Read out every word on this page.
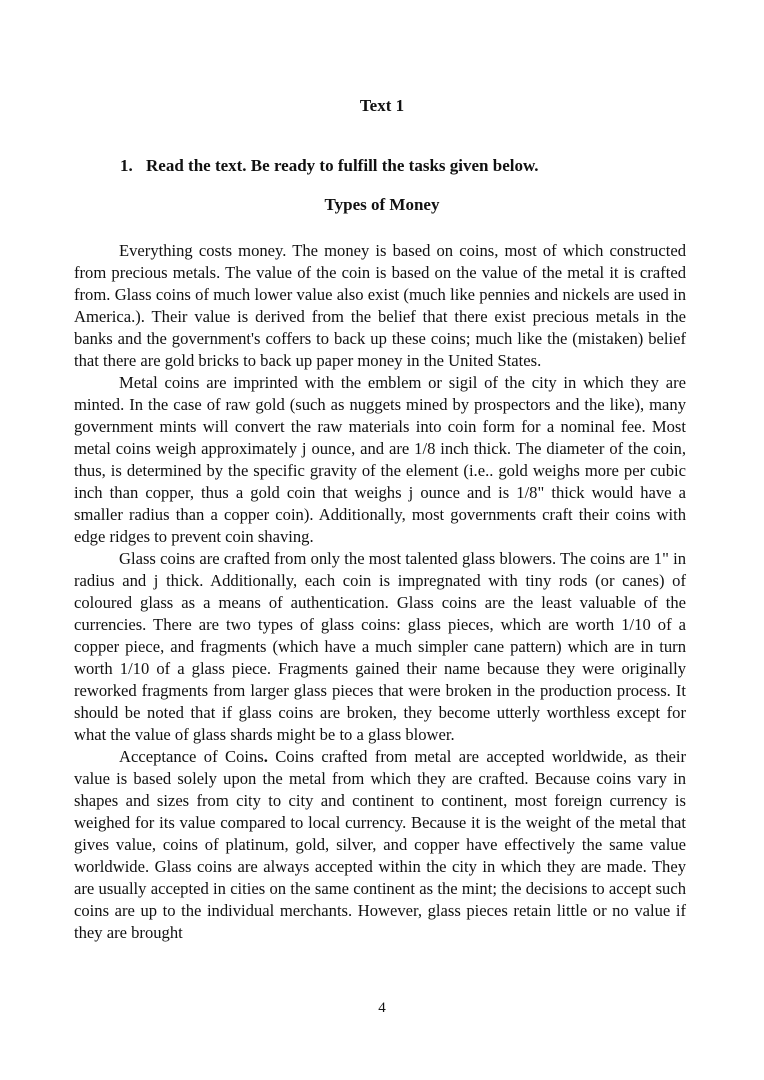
Text 1

1. Read the text. Be ready to fulfill the tasks given below.

Types of Money

Everything costs money. The money is based on coins, most of which constructed from precious metals. The value of the coin is based on the value of the metal it is crafted from. Glass coins of much lower value also exist (much like pennies and nickels are used in America.). Their value is derived from the belief that there exist precious metals in the banks and the government's coffers to back up these coins; much like the (mistaken) belief that there are gold bricks to back up paper money in the United States.

Metal coins are imprinted with the emblem or sigil of the city in which they are minted. In the case of raw gold (such as nuggets mined by prospectors and the like), many government mints will convert the raw materials into coin form for a nominal fee. Most metal coins weigh approximately j ounce, and are 1/8 inch thick. The diameter of the coin, thus, is determined by the specific gravity of the element (i.e.. gold weighs more per cubic inch than copper, thus a gold coin that weighs j ounce and is 1/8" thick would have a smaller radius than a copper coin). Additionally, most governments craft their coins with edge ridges to prevent coin shaving.

Glass coins are crafted from only the most talented glass blowers. The coins are 1" in radius and j thick. Additionally, each coin is impregnated with tiny rods (or canes) of coloured glass as a means of authentication. Glass coins are the least valuable of the currencies. There are two types of glass coins: glass pieces, which are worth 1/10 of a copper piece, and fragments (which have a much simpler cane pattern) which are in turn worth 1/10 of a glass piece. Fragments gained their name because they were originally reworked fragments from larger glass pieces that were broken in the production process. It should be noted that if glass coins are broken, they become utterly worthless except for what the value of glass shards might be to a glass blower.

Acceptance of Coins. Coins crafted from metal are accepted worldwide, as their value is based solely upon the metal from which they are crafted. Because coins vary in shapes and sizes from city to city and continent to continent, most foreign currency is weighed for its value compared to local currency. Because it is the weight of the metal that gives value, coins of platinum, gold, silver, and copper have effectively the same value worldwide. Glass coins are always accepted within the city in which they are made. They are usually accepted in cities on the same continent as the mint; the decisions to accept such coins are up to the individual merchants. However, glass pieces retain little or no value if they are brought

4
